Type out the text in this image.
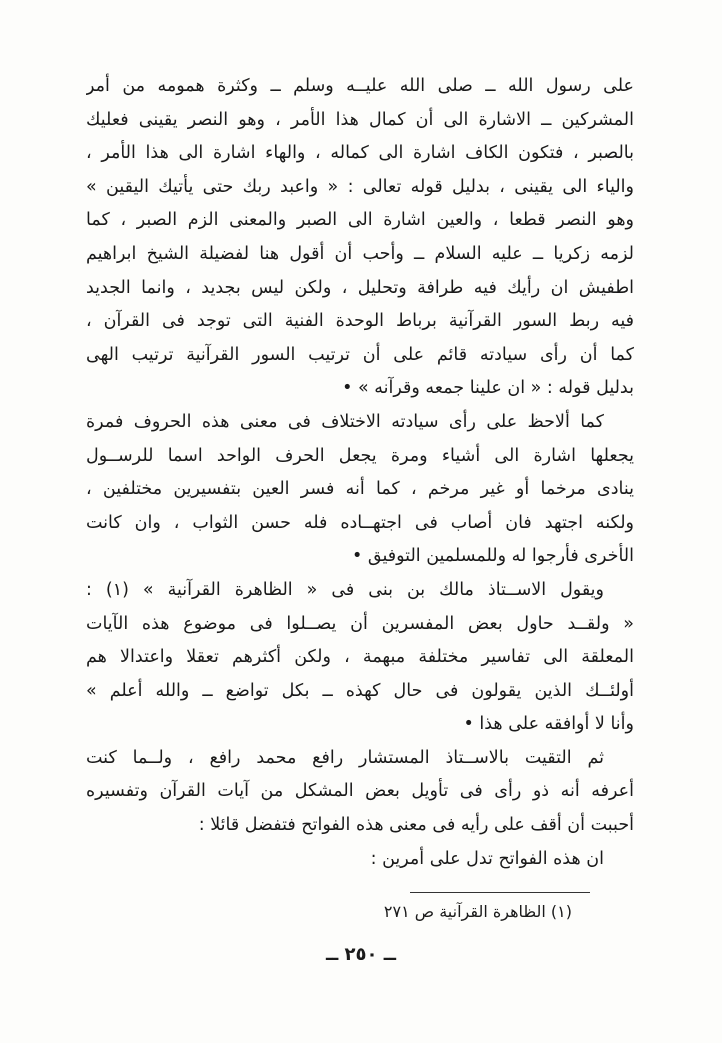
على رسول الله ــ صلى الله عليــه وسلم ــ وكثرة همومه من أمر
المشركين ــ الاشارة الى أن كمال هذا الأمر ، وهو النصر يقينى فعليك
بالصبر ، فتكون الكاف اشارة الى كماله ، والهاء اشارة الى هذا الأمر ،
والياء الى يقينى ، بدليل قوله تعالى : « واعبد ربك حتى يأتيك اليقين »
وهو النصر قطعا ، والعين اشارة الى الصبر والمعنى الزم الصبر ، كما
لزمه زكريا ــ عليه السلام ــ وأحب أن أقول هنا لفضيلة الشيخ ابراهيم
اطفيش ان رأيك فيه طرافة وتحليل ، ولكن ليس بجديد ، وانما الجديد
فيه ربط السور القرآنية برباط الوحدة الفنية التى توجد فى القرآن ،
كما أن رأى سيادته قائم على أن ترتيب السور القرآنية ترتيب الهى
بدليل قوله : « ان علينا جمعه وقرآنه » •
كما ألاحظ على رأى سيادته الاختلاف فى معنى هذه الحروف فمرة
يجعلها اشارة الى أشياء ومرة يجعل الحرف الواحد اسما للرســول
ينادى مرخما أو غير مرخم ، كما أنه فسر العين بتفسيرين مختلفين ،
ولكنه اجتهد فان أصاب فى اجتهــاده فله حسن الثواب ، وان كانت
الأخرى فأرجوا له وللمسلمين التوفيق •
ويقول الاســتاذ مالك بن بنى فى « الظاهرة القرآنية » (١) :
« ولقــد حاول بعض المفسرين أن يصــلوا فى موضوع هذه الآيات
المعلقة الى تفاسير مختلفة مبهمة ، ولكن أكثرهم تعقلا واعتدالا هم
أولئــك الذين يقولون فى حال كهذه ــ بكل تواضع ــ والله أعلم »
وأنا لا أوافقه على هذا •
ثم التقيت بالاســتاذ المستشار رافع محمد رافع ، ولــما كنت
أعرفه أنه ذو رأى فى تأويل بعض المشكل من آيات القرآن وتفسيره
أحببت أن أقف على رأيه فى معنى هذه الفواتح فتفضل قائلا :
ان هذه الفواتح تدل على أمرين :
(١) الظاهرة القرآنية ص ٢٧١
ــ ٢٥٠ ــ
